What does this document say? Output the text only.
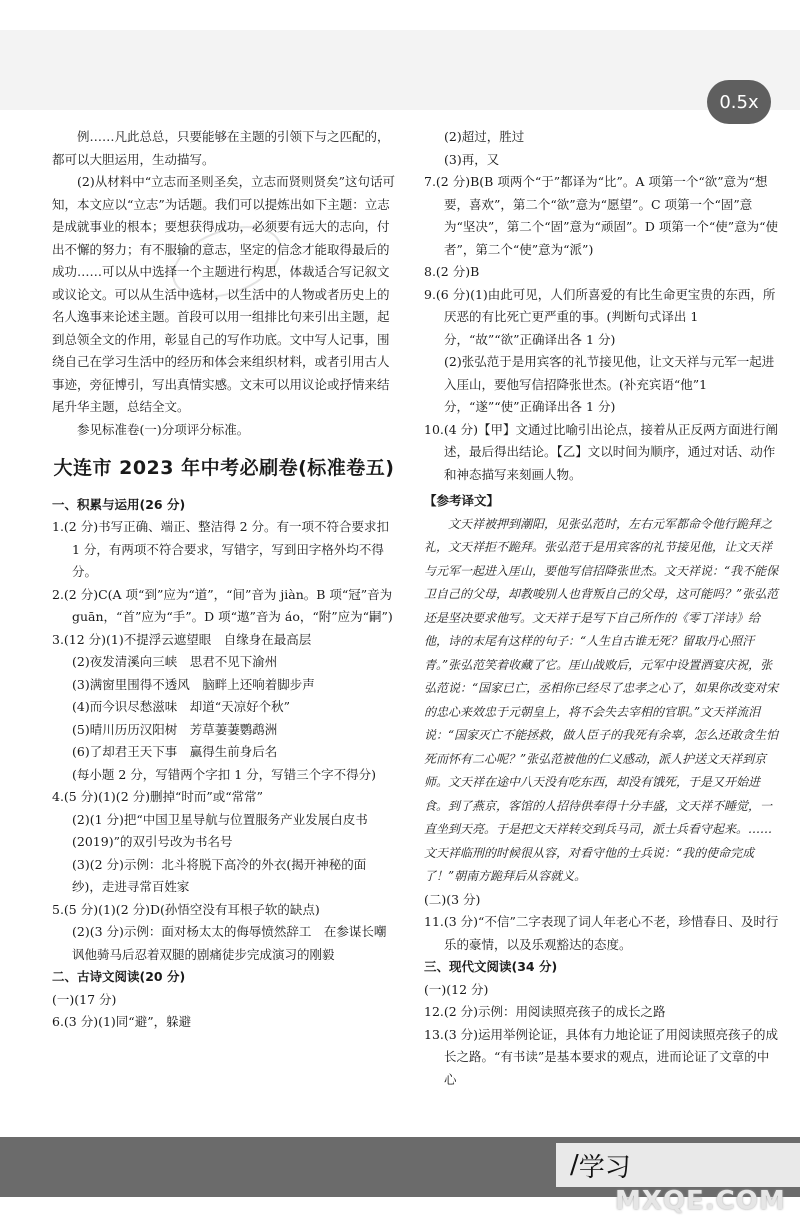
0.5x

例……凡此总总，只要能够在主题的引领下与之匹配的，都可以大胆运用，生动描写。

(2)从材料中“立志而圣则圣矣，立志而贤则贤矣”这句话可知，本文应以“立志”为话题。我们可以提炼出如下主题：立志是成就事业的根本；要想获得成功，必须要有远大的志向，付出不懈的努力；有不服输的意志，坚定的信念才能取得最后的成功……可以从中选择一个主题进行构思，体裁适合写记叙文或议论文。可以从生活中选材，以生活中的人物或者历史上的名人逸事来论述主题。首段可以用一组排比句来引出主题，起到总领全文的作用，彰显自己的写作功底。文中写人记事，围绕自己在学习生活中的经历和体会来组织材料，或者引用古人事迹，旁征博引，写出真情实感。文末可以用议论或抒情来结尾升华主题，总结全文。

参见标准卷(一)分项评分标准。

大连市 2023 年中考必刷卷(标准卷五)

一、积累与运用(26 分)

1.(2 分)书写正确、端正、整洁得 2 分。有一项不符合要求扣 1 分，有两项不符合要求，写错字，写到田字格外均不得分。

2.(2 分)C(A 项“到”应为“道”，“间”音为 jiàn。B 项“冠”音为 guān，“首”应为“手”。D 项“遨”音为 áo，“附”应为“嗣”)

3.(12 分)(1)不提浮云遮望眼　自缘身在最高层

(2)夜发清溪向三峡　思君不见下渝州

(3)满窗里围得不透风　脑畔上还响着脚步声

(4)而今识尽愁滋味　却道“天凉好个秋”

(5)晴川历历汉阳树　芳草萋萋鹦鹉洲

(6)了却君王天下事　赢得生前身后名

(每小题 2 分，写错两个字扣 1 分，写错三个字不得分)

4.(5 分)(1)(2 分)删掉“时而”或“常常”

(2)(1 分)把“中国卫星导航与位置服务产业发展白皮书(2019)”的双引号改为书名号

(3)(2 分)示例：北斗将脱下高冷的外衣(揭开神秘的面纱)，走进寻常百姓家

5.(5 分)(1)(2 分)D(孙悟空没有耳根子软的缺点)

(2)(3 分)示例：面对杨太太的侮辱愤然辞工　在参谋长嘲讽他骑马后忍着双腿的剧痛徒步完成演习的刚毅

二、古诗文阅读(20 分)

(一)(17 分)

6.(3 分)(1)同“避”，躲避

(2)超过，胜过

(3)再，又

7.(2 分)B(B 项两个“于”都译为“比”。A 项第一个“欲”意为“想要，喜欢”，第二个“欲”意为“愿望”。C 项第一个“固”意为“坚决”，第二个“固”意为“顽固”。D 项第一个“使”意为“使者”，第二个“使”意为“派”)

8.(2 分)B

9.(6 分)(1)由此可见，人们所喜爱的有比生命更宝贵的东西，所厌恶的有比死亡更严重的事。(判断句式译出 1 分，“故”“欲”正确译出各 1 分)

(2)张弘范于是用宾客的礼节接见他，让文天祥与元军一起进入厓山，要他写信招降张世杰。(补充宾语“他”1 分，“遂”“使”正确译出各 1 分)

10.(4 分)【甲】文通过比喻引出论点，接着从正反两方面进行阐述，最后得出结论。【乙】文以时间为顺序，通过对话、动作和神态描写来刻画人物。

【参考译文】

文天祥被押到潮阳，见张弘范时，左右元军都命令他行跪拜之礼，文天祥拒不跪拜。张弘范于是用宾客的礼节接见他，让文天祥与元军一起进入厓山，要他写信招降张世杰。文天祥说：“我不能保卫自己的父母，却教唆别人也背叛自己的父母，这可能吗？”张弘范还是坚决要求他写。文天祥于是写下自己所作的《零丁洋诗》给他，诗的末尾有这样的句子：“人生自古谁无死？留取丹心照汗青。”张弘范笑着收藏了它。厓山战败后，元军中设置酒宴庆祝，张弘范说：“国家已亡，丞相你已经尽了忠孝之心了，如果你改变对宋的忠心来效忠于元朝皇上，将不会失去宰相的官职。”文天祥流泪说：“国家灭亡不能拯救，做人臣子的我死有余辜，怎么还敢贪生怕死而怀有二心呢？”张弘范被他的仁义感动，派人护送文天祥到京师。文天祥在途中八天没有吃东西，却没有饿死，于是又开始进食。到了燕京，客馆的人招待供奉得十分丰盛，文天祥不睡觉，一直坐到天亮。于是把文天祥转交到兵马司，派士兵看守起来。……文天祥临刑的时候很从容，对看守他的士兵说：“我的使命完成了！”朝南方跪拜后从容就义。

(二)(3 分)

11.(3 分)“不信”二字表现了词人年老心不老，珍惜春日、及时行乐的豪情，以及乐观豁达的态度。

三、现代文阅读(34 分)

(一)(12 分)

12.(2 分)示例：用阅读照亮孩子的成长之路

13.(3 分)运用举例论证，具体有力地论证了用阅读照亮孩子的成长之路。“有书读”是基本要求的观点，进而论证了文章的中心

/ 学习
MXQE.COM
